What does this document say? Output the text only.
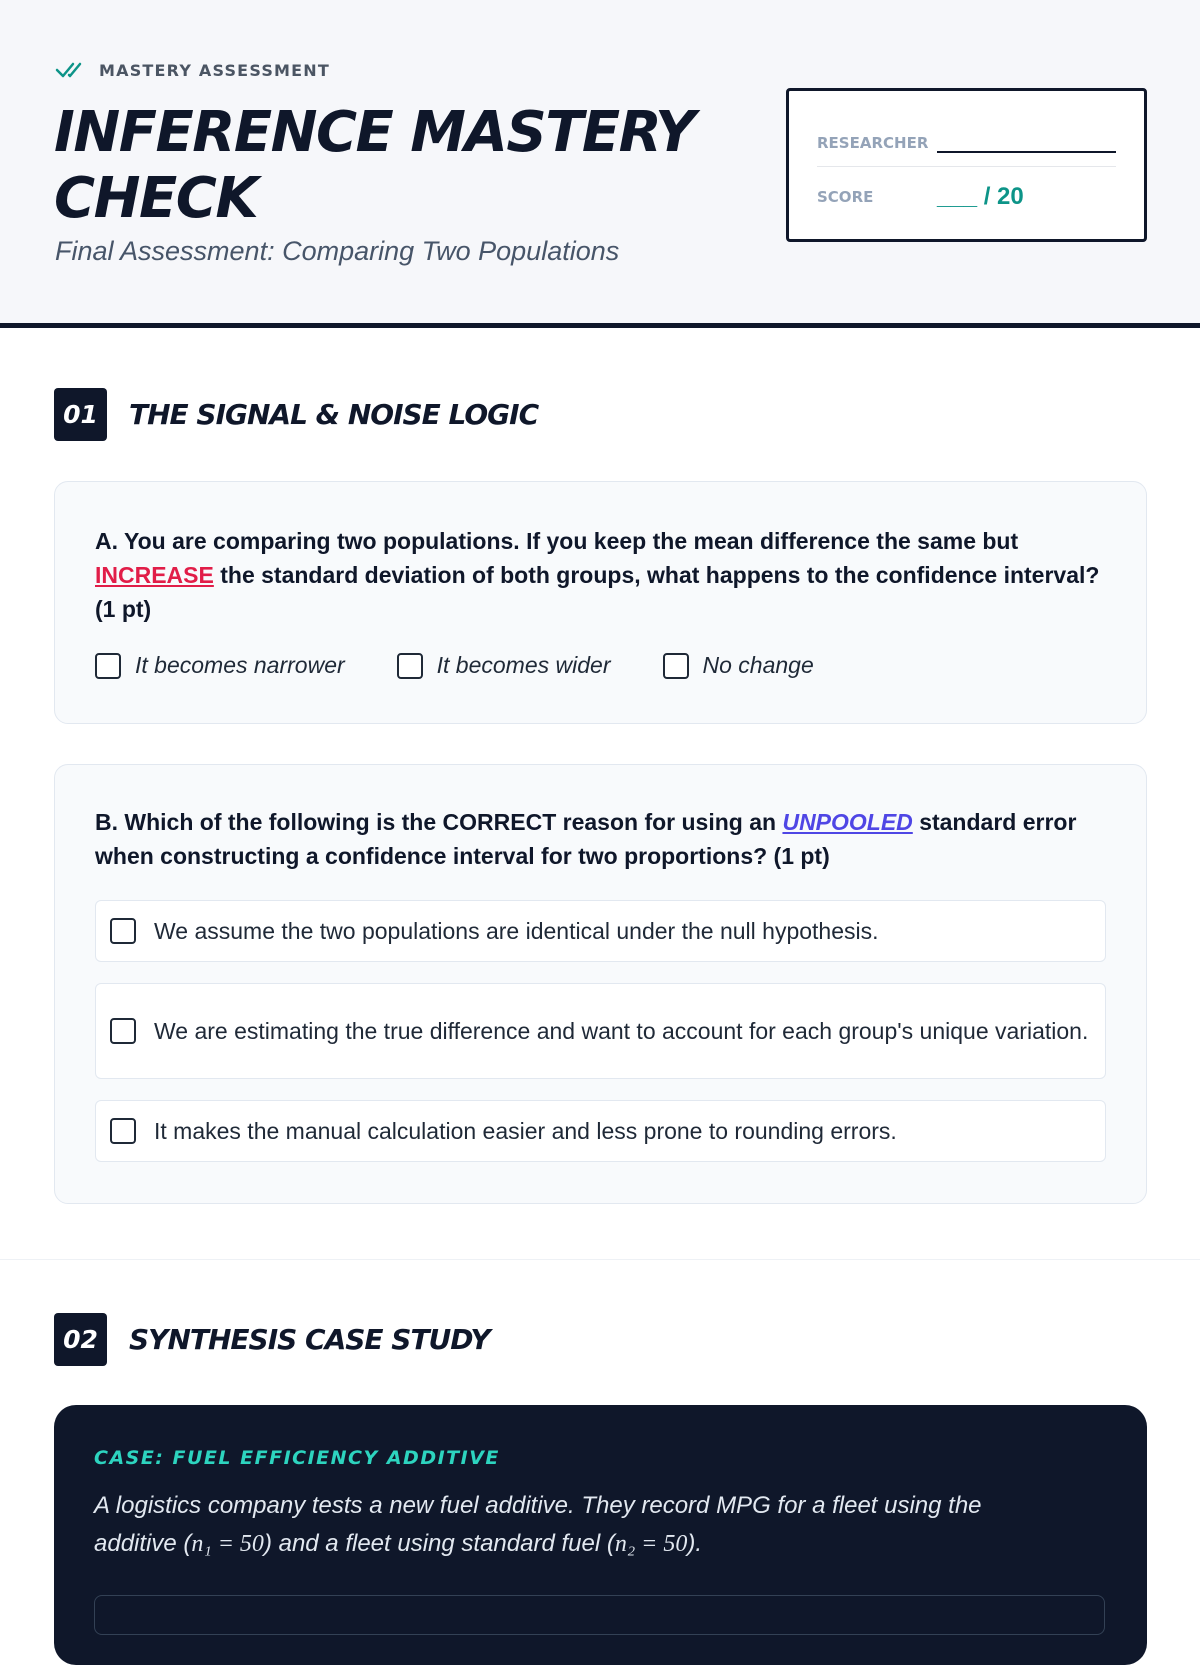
MASTERY ASSESSMENT
INFERENCE MASTERY CHECK
Final Assessment: Comparing Two Populations
RESEARCHER
SCORE	___ / 20
01	THE SIGNAL & NOISE LOGIC
A. You are comparing two populations. If you keep the mean difference the same but INCREASE the standard deviation of both groups, what happens to the confidence interval? (1 pt)
It becomes narrower	It becomes wider	No change
B. Which of the following is the CORRECT reason for using an UNPOOLED standard error when constructing a confidence interval for two proportions? (1 pt)
We assume the two populations are identical under the null hypothesis.
We are estimating the true difference and want to account for each group's unique variation.
It makes the manual calculation easier and less prone to rounding errors.
02	SYNTHESIS CASE STUDY
CASE: FUEL EFFICIENCY ADDITIVE
A logistics company tests a new fuel additive. They record MPG for a fleet using the additive (n₁ = 50) and a fleet using standard fuel (n₂ = 50).
